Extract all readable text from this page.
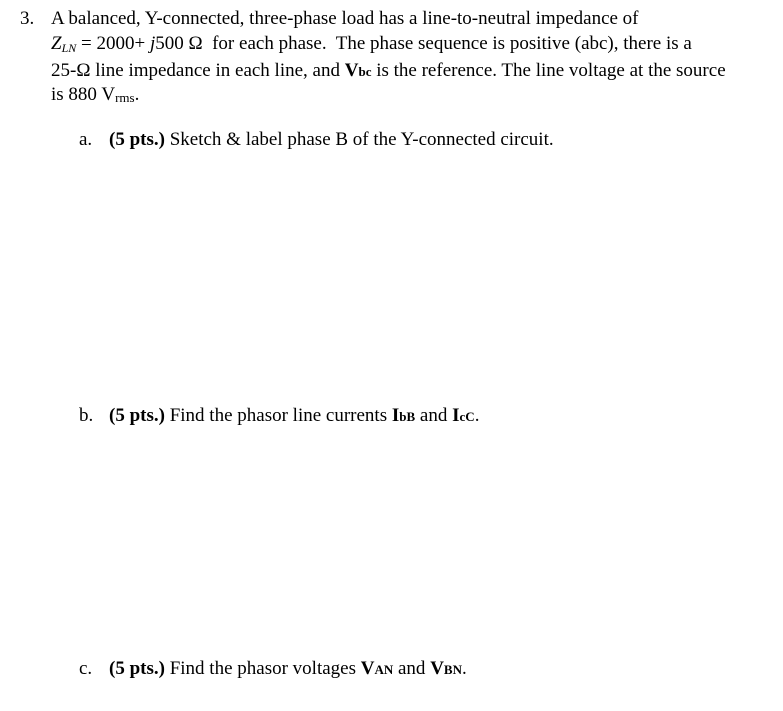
3. A balanced, Y-connected, three-phase load has a line-to-neutral impedance of
ZLN = 2000+ j500 Ω  for each phase.  The phase sequence is positive (abc), there is a
25-Ω line impedance in each line, and Vbc is the reference. The line voltage at the source
is 880 Vrms.
a. (5 pts.) Sketch & label phase B of the Y-connected circuit.
b. (5 pts.) Find the phasor line currents IbB and IcC.
c. (5 pts.) Find the phasor voltages VAN and VBN.
